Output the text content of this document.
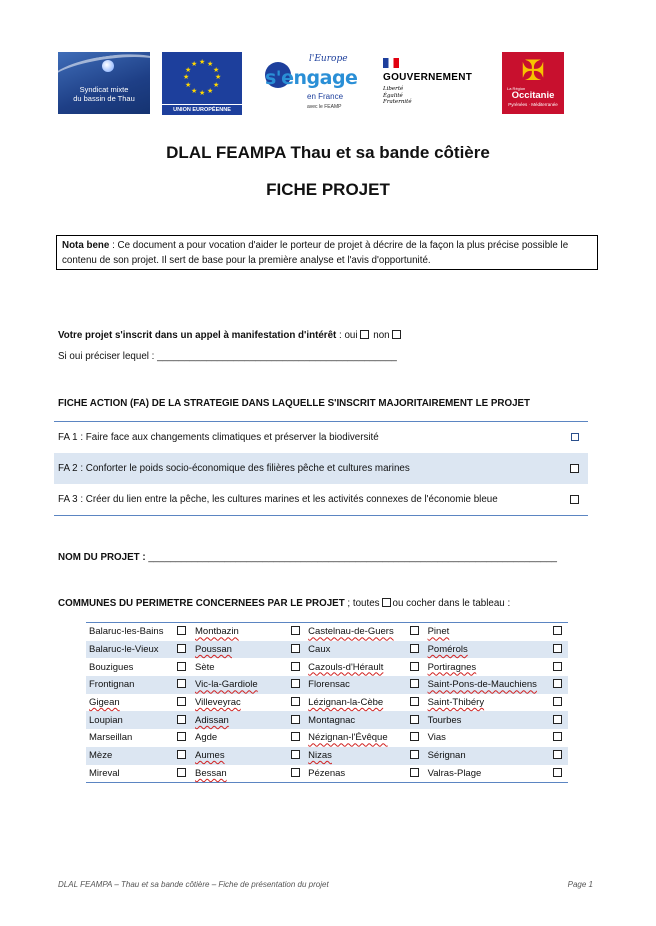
Syndicat mixte
du bassin de Thau
★ ★
★
★
★
★
★
★
★
★
★
★
UNION EUROPÉENNE
l'Europe
s'engage
en France
avec le FEAMP
GOUVERNEMENT
Liberté
Égalité
Fraternité
✠
La Région
Occitanie
Pyrénées · Méditerranée
DLAL FEAMPA Thau et sa bande côtière
FICHE PROJET
Nota bene : Ce document a pour vocation d'aider le porteur de projet à décrire de la façon la plus précise possible le contenu de son projet. Il sert de base pour la première analyse et l'avis d'opportunité.
Votre projet s'inscrit dans un appel à manifestation d'intérêt : oui non
Si oui préciser lequel : ____________________________________________
FICHE ACTION (FA) DE LA STRATEGIE DANS LAQUELLE S'INSCRIT MAJORITAIREMENT LE PROJET
FA 1 : Faire face aux changements climatiques et préserver la biodiversité
FA 2 : Conforter le poids socio-économique des filières pêche et cultures marines
FA 3 : Créer du lien entre la pêche, les cultures marines et les activités connexes de l'économie bleue
NOM DU PROJET : ___________________________________________________________________________
COMMUNES DU PERIMETRE CONCERNEES PAR LE PROJET ; toutes ou cocher dans le tableau :
Balaruc-les-Bains		Montbazin		Castelnau-de-Guers		Pinet	
Balaruc-le-Vieux		Poussan		Caux		Pomérols	
Bouzigues		Sète		Cazouls-d'Hérault		Portiragnes	
Frontignan		Vic-la-Gardiole		Florensac		Saint-Pons-de-Mauchiens	
Gigean		Villeveyrac		Lézignan-la-Cèbe		Saint-Thibéry	
Loupian		Adissan		Montagnac		Tourbes	
Marseillan		Agde		Nézignan-l'Évêque		Vias	
Mèze		Aumes		Nizas		Sérignan	
Mireval		Bessan		Pézenas		Valras-Plage	
DLAL FEAMPA – Thau et sa bande côtière – Fiche de présentation du projet	Page 1
